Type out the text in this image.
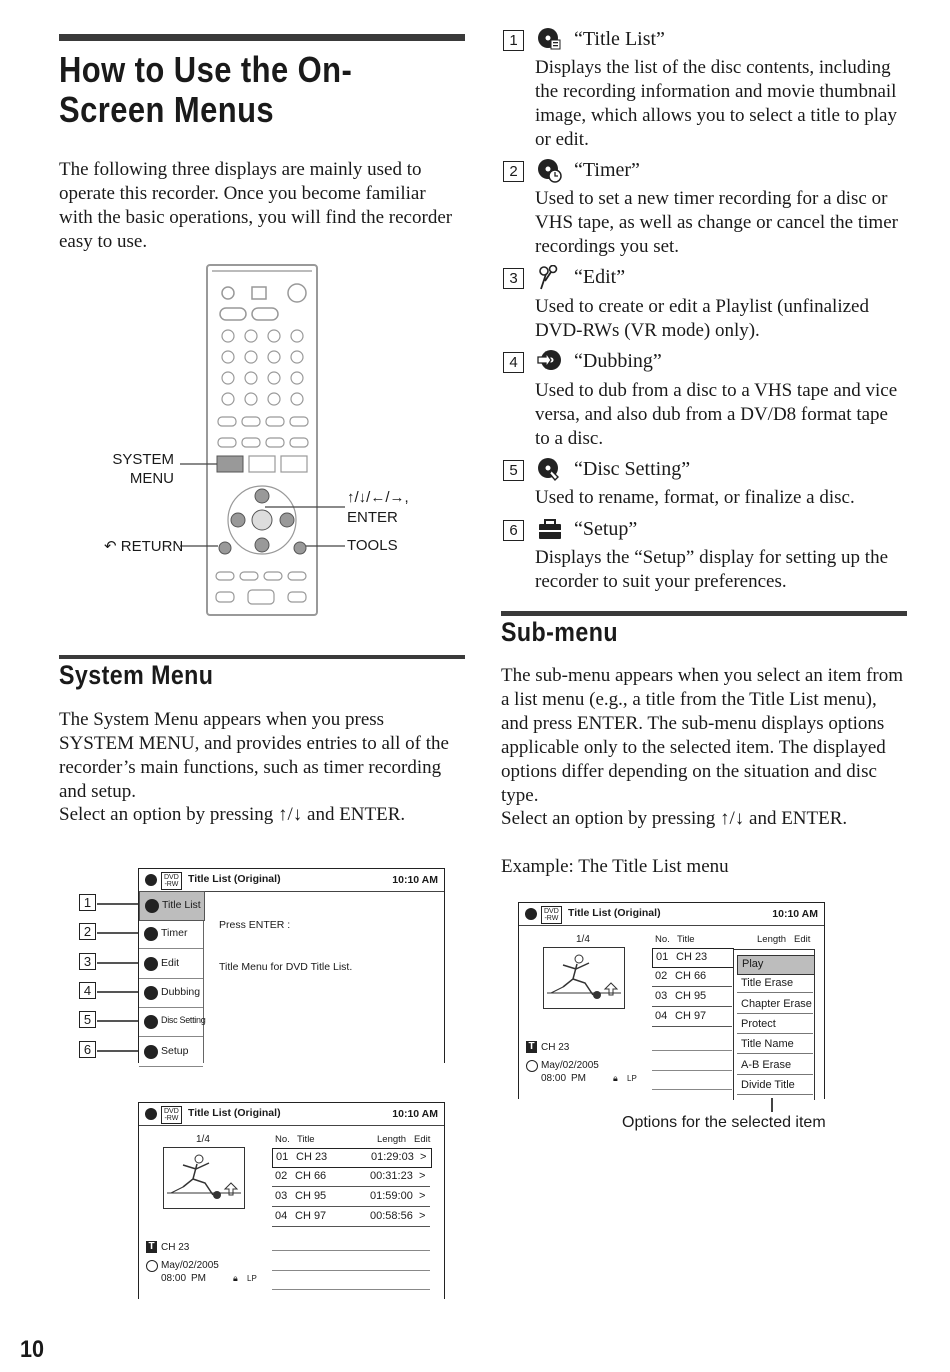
How to Use the On-Screen Menus
The following three displays are mainly used to operate this recorder. Once you become familiar with the basic operations, you will find the recorder easy to use.
SYSTEM MENU
↶ RETURN
↑/↓/←/→,
ENTER
TOOLS
System Menu
The System Menu appears when you press SYSTEM MENU, and provides entries to all of the recorder’s main functions, such as timer recording and setup.
Select an option by pressing ↑/↓ and ENTER.
1
2
3
4
5
6
DVD
-RW Title List (Original)	10:10 AM
Title List
Timer
Edit
Dubbing
Disc Setting
Setup
Press ENTER :
Title Menu for DVD Title List.
DVD
-RW Title List (Original)	10:10 AM
1/4	No. Title	Length Edit
01 CH 23	01:29:03 >
02 CH 66	00:31:23 >
03 CH 95	01:59:00 >
04 CH 97	00:58:56 >
T CH 23
May/02/2005
08:00 PM	🔒︎ LP
10
1	“Title List”
Displays the list of the disc contents, including the recording information and movie thumbnail image, which allows you to select a title to play or edit.
2	“Timer”
Used to set a new timer recording for a disc or VHS tape, as well as change or cancel the timer recordings you set.
3	“Edit”
Used to create or edit a Playlist (unfinalized DVD-RWs (VR mode) only).
4	“Dubbing”
Used to dub from a disc to a VHS tape and vice versa, and also dub from a DV/D8 format tape to a disc.
5	“Disc Setting”
Used to rename, format, or finalize a disc.
6	“Setup”
Displays the “Setup” display for setting up the recorder to suit your preferences.
Sub-menu
The sub-menu appears when you select an item from a list menu (e.g., a title from the Title List menu), and press ENTER. The sub-menu displays options applicable only to the selected item. The displayed options differ depending on the situation and disc type.
Select an option by pressing ↑/↓ and ENTER.
Example: The Title List menu
DVD
-RW Title List (Original)	10:10 AM
1/4	No. Title	Length Edit
01 CH 23
02 CH 66
03 CH 95
04 CH 97
T CH 23
May/02/2005
08:00 PM	🔒︎ LP
Play
Title Erase
Chapter Erase
Protect
Title Name
A-B Erase
Divide Title
Options for the selected item
